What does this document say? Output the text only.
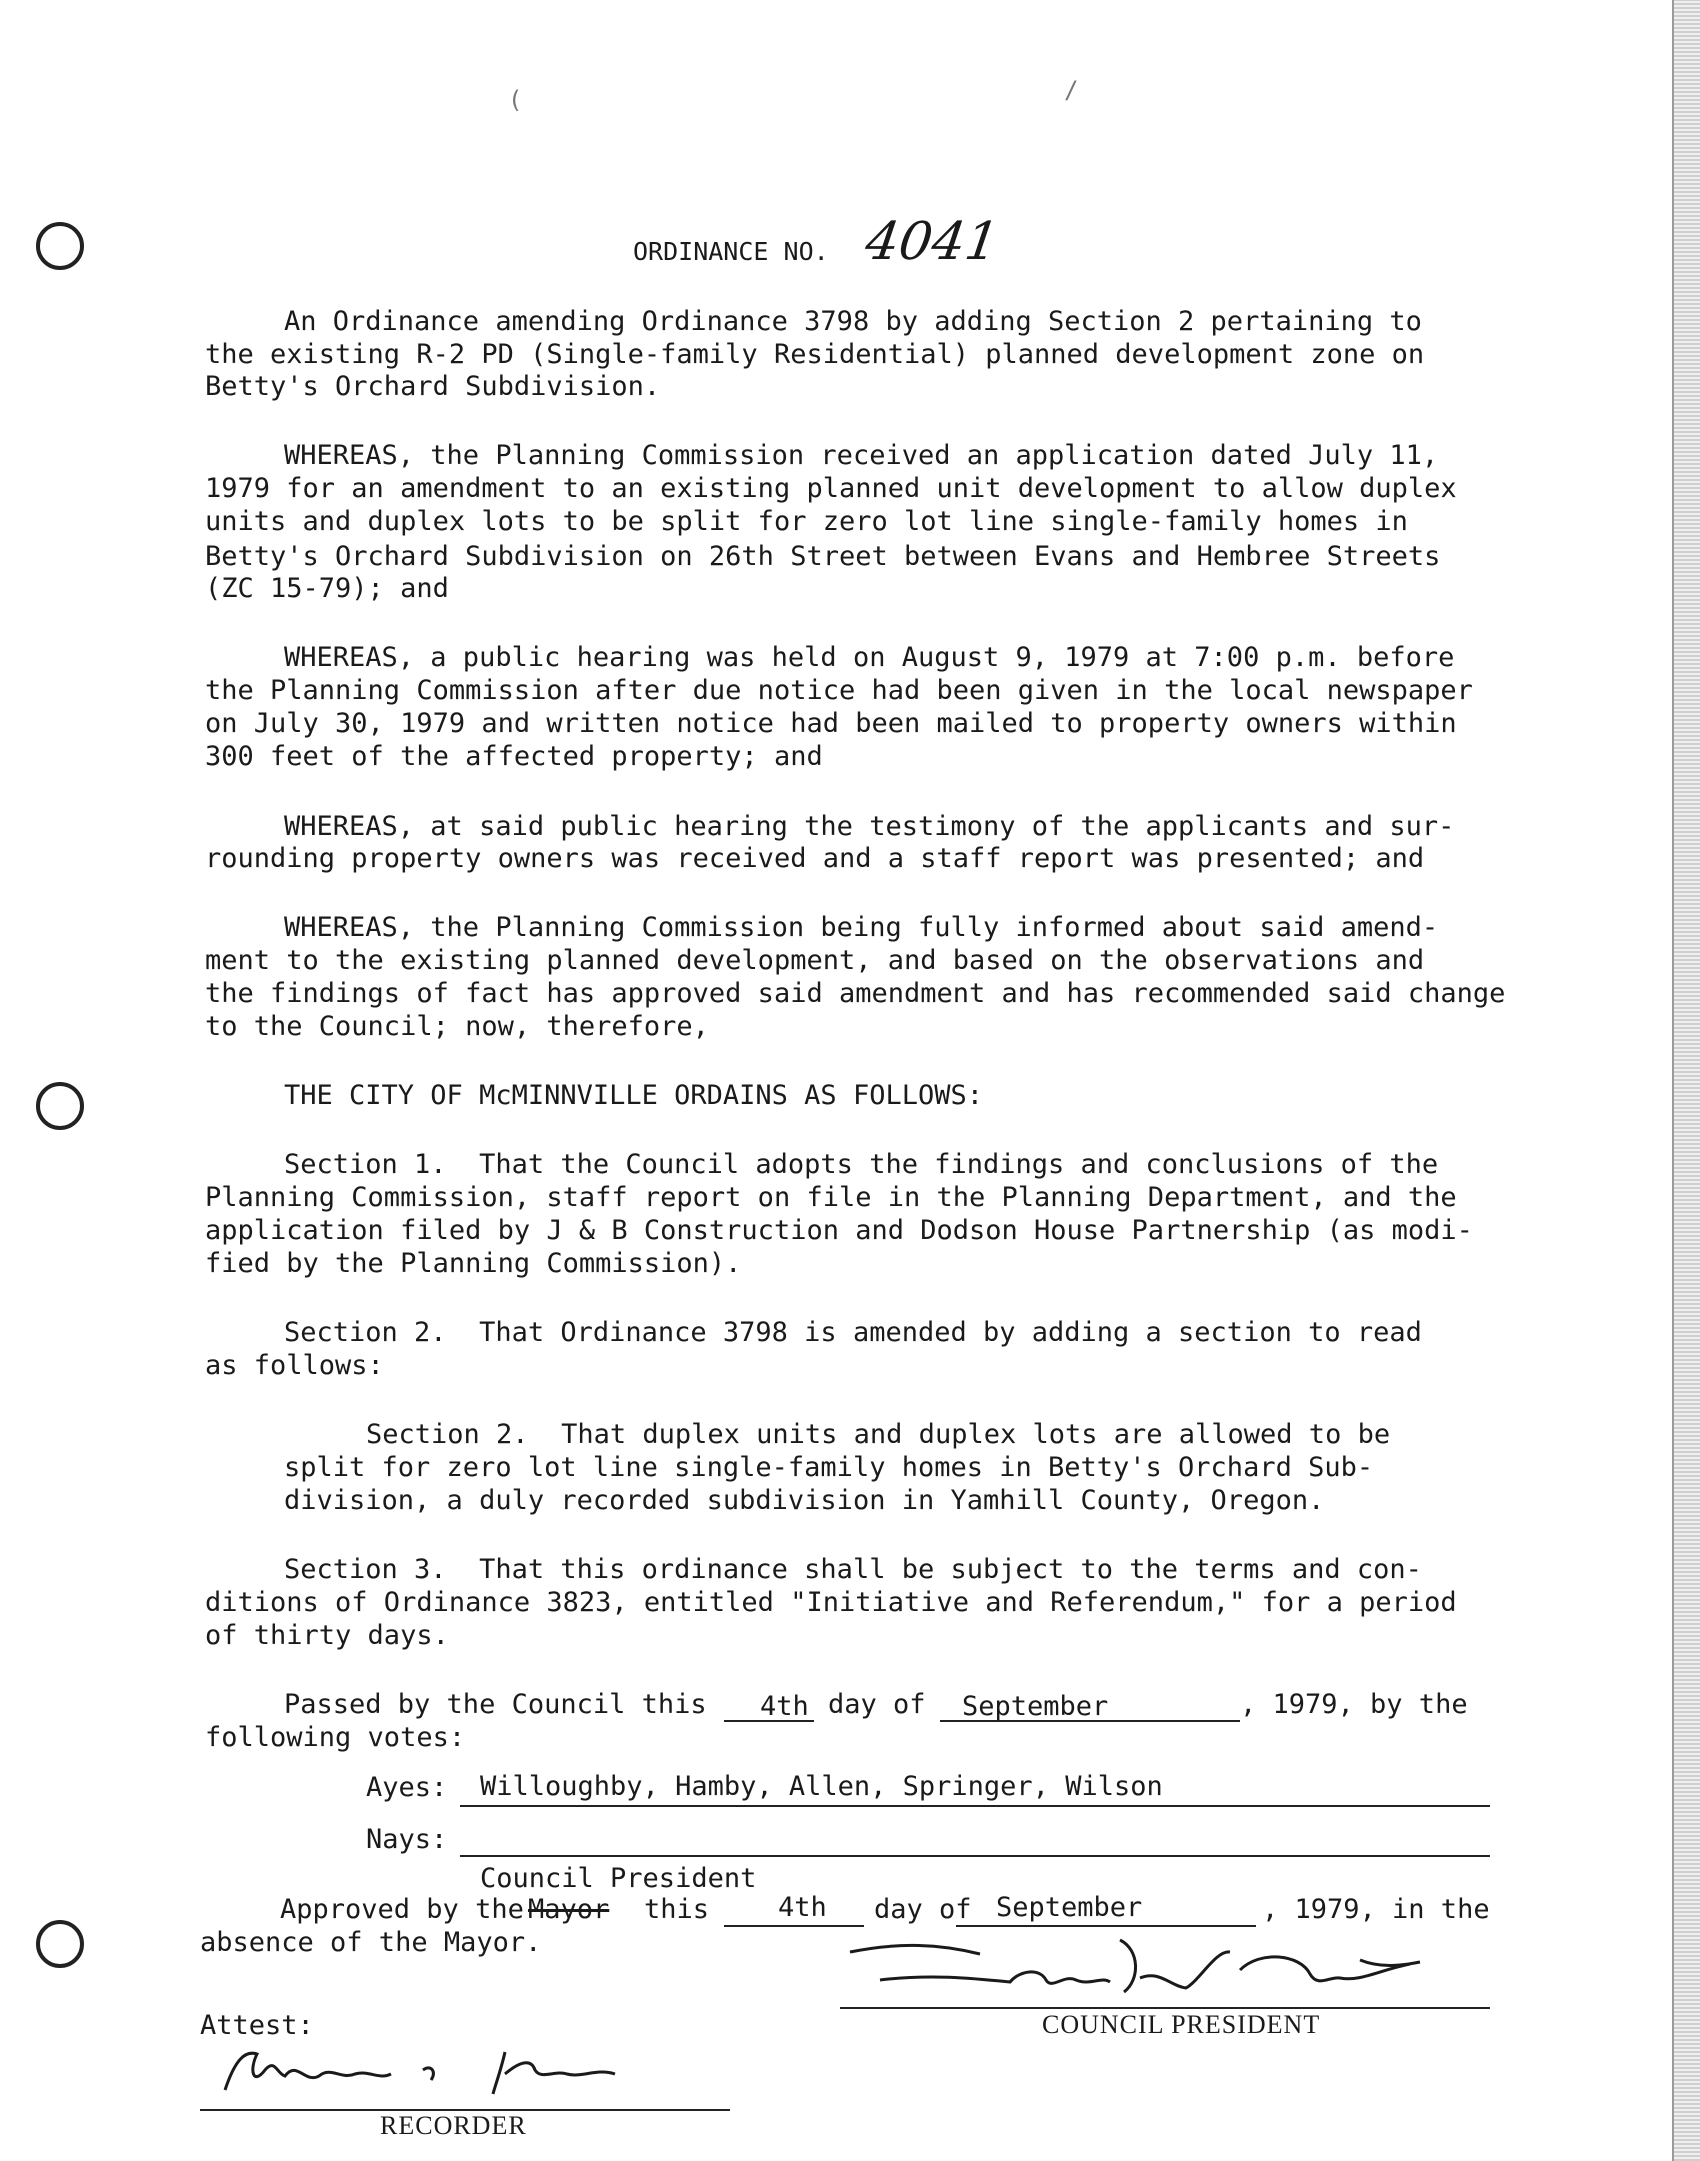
(	/
ORDINANCE NO. 4041
An Ordinance amending Ordinance 3798 by adding Section 2 pertaining to
the existing R-2 PD (Single-family Residential) planned development zone on
Betty's Orchard Subdivision.
WHEREAS, the Planning Commission received an application dated July 11,
1979 for an amendment to an existing planned unit development to allow duplex
units and duplex lots to be split for zero lot line single-family homes in
Betty's Orchard Subdivision on 26th Street between Evans and Hembree Streets
(ZC 15-79); and
WHEREAS, a public hearing was held on August 9, 1979 at 7:00 p.m. before
the Planning Commission after due notice had been given in the local newspaper
on July 30, 1979 and written notice had been mailed to property owners within
300 feet of the affected property; and
WHEREAS, at said public hearing the testimony of the applicants and sur-
rounding property owners was received and a staff report was presented; and
WHEREAS, the Planning Commission being fully informed about said amend-
ment to the existing planned development, and based on the observations and
the findings of fact has approved said amendment and has recommended said change
to the Council; now, therefore,
THE CITY OF McMINNVILLE ORDAINS AS FOLLOWS:
Section 1.  That the Council adopts the findings and conclusions of the
Planning Commission, staff report on file in the Planning Department, and the
application filed by J & B Construction and Dodson House Partnership (as modi-
fied by the Planning Commission).
Section 2.  That Ordinance 3798 is amended by adding a section to read
as follows:
Section 2.  That duplex units and duplex lots are allowed to be
split for zero lot line single-family homes in Betty's Orchard Sub-
division, a duly recorded subdivision in Yamhill County, Oregon.
Section 3.  That this ordinance shall be subject to the terms and con-
ditions of Ordinance 3823, entitled "Initiative and Referendum," for a period
of thirty days.
Passed by the Council this 4th day of September	, 1979, by the
following votes:
Ayes: Willoughby, Hamby, Allen, Springer, Wilson
Nays:
Council President
Approved by the Mayor this	4th day of September	, 1979, in the
absence of the Mayor.
COUNCIL PRESIDENT
Attest:
RECORDER
